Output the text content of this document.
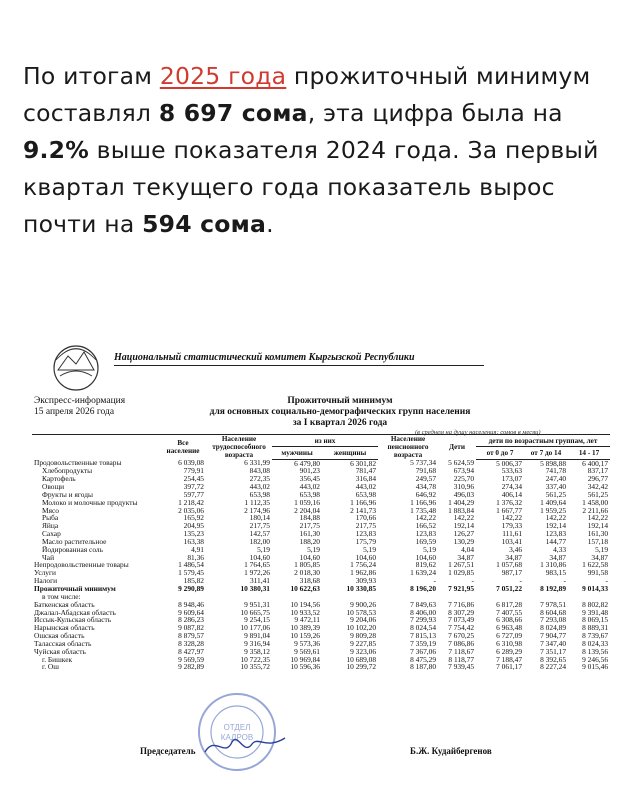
По итогам 2025 года прожиточный минимум составлял 8 697 сома, эта цифра была на 9.2% выше показателя 2024 года. За первый квартал текущего года показатель вырос почти на 594 сома.

Национальный статистический комитет Кыргызской Республики
Экспресс-информация
15 апреля 2026 года
Прожиточный минимум
для основных социально-демографических групп населения
за I квартал 2026 года
(в среднем на душу населения; сомов в месяц)
	Все население	Население трудоспособного возраста	из них		Население пенсионного возраста	Дети	дети по возрастным группам, лет		
			мужчины	женщины			от 0 до 7	от 7 до 14	14 - 17
Продовольственные товары	6 039,08	6 331,99	6 479,80	6 301,82	5 737,34	5 624,59	5 006,37	5 898,88	6 400,17
Хлебопродукты	779,91	843,08	901,23	781,47	791,68	673,94	533,63	741,78	837,17
Картофель	254,45	272,35	356,45	316,84	249,57	225,70	173,07	247,40	296,77
Овощи	397,72	443,02	443,02	443,02	434,78	310,96	274,34	337,40	342,42
Фрукты и ягоды	597,77	653,98	653,98	653,98	646,92	496,03	406,14	561,25	561,25
Молоко и молочные продукты	1 218,42	1 112,35	1 059,16	1 166,96	1 166,96	1 404,29	1 376,32	1 409,64	1 458,00
Мясо	2 035,06	2 174,96	2 204,04	2 141,73	1 735,48	1 883,84	1 667,77	1 959,25	2 211,66
Рыба	165,92	180,14	184,88	170,66	142,22	142,22	142,22	142,22	142,22
Яйца	204,95	217,75	217,75	217,75	166,52	192,14	179,33	192,14	192,14
Сахар	135,23	142,57	161,30	123,83	123,83	126,27	111,61	123,83	161,30
Масло растительное	163,38	182,00	188,20	175,79	169,59	130,29	103,41	144,77	157,18
Йодированная соль	4,91	5,19	5,19	5,19	5,19	4,04	3,46	4,33	5,19
Чай	81,36	104,60	104,60	104,60	104,60	34,87	34,87	34,87	34,87
Непродовольственные товары	1 486,54	1 764,65	1 805,85	1 756,24	819,62	1 267,51	1 057,68	1 310,86	1 622,58
Услуги	1 579,45	1 972,26	2 018,30	1 962,86	1 639,24	1 029,85	987,17	983,15	991,58
Налоги	185,82	311,41	318,68	309,93	-	-	-	-	-
Прожиточный минимум	9 290,89	10 380,31	10 622,63	10 330,85	8 196,20	7 921,95	7 051,22	8 192,89	9 014,33
в том числе:									
Баткенская область	8 948,46	9 951,31	10 194,56	9 900,26	7 849,63	7 716,86	6 817,28	7 978,51	8 802,82
Джалал-Абадская область	9 609,64	10 665,75	10 933,52	10 578,53	8 406,00	8 307,29	7 407,55	8 604,68	9 391,48
Иссык-Кульская область	8 286,23	9 254,15	9 472,11	9 204,06	7 299,93	7 073,49	6 308,66	7 293,08	8 069,15
Нарынская область	9 087,82	10 177,06	10 389,39	10 102,20	8 024,54	7 754,42	6 963,48	8 024,89	8 889,31
Ошская область	8 879,57	9 891,04	10 159,26	9 809,28	7 815,13	7 670,25	6 727,09	7 904,77	8 739,67
Таласская область	8 328,28	9 316,94	9 573,36	9 227,85	7 359,19	7 086,86	6 310,98	7 347,40	8 024,33
Чуйская область	8 427,97	9 358,12	9 569,61	9 323,06	7 367,06	7 118,67	6 289,29	7 351,17	8 139,56
г. Бишкек	9 569,59	10 722,35	10 969,84	10 689,08	8 475,29	8 118,77	7 188,47	8 392,65	9 246,56
г. Ош	9 282,89	10 355,72	10 596,36	10 299,72	8 187,80	7 939,45	7 061,17	8 227,24	9 015,46
ОТДЕЛ
КАДРОВ
Председатель	Б.Ж. Кудайбергенов
